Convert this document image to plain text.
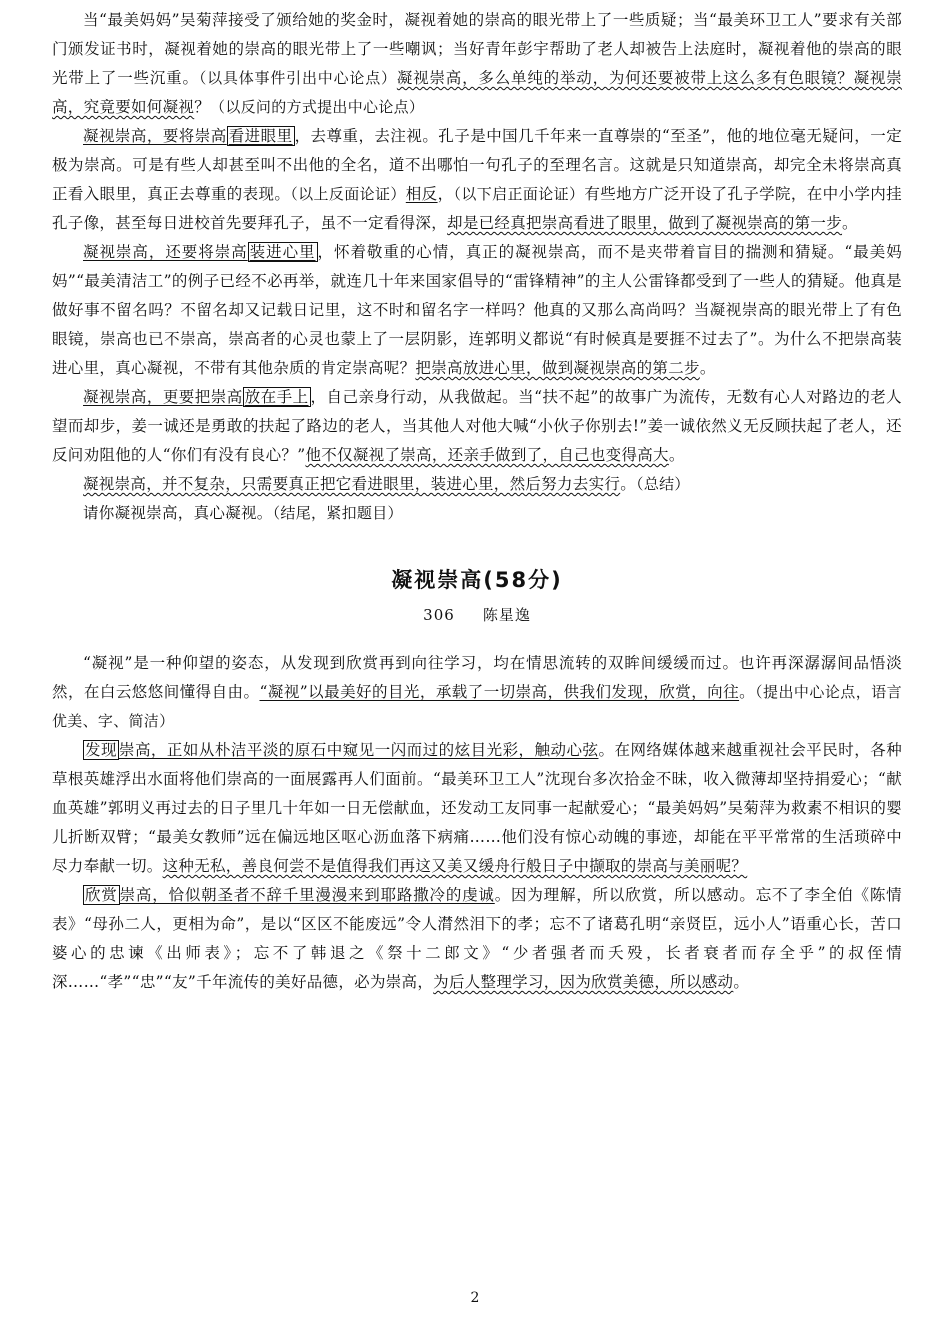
当“最美妈妈”吴菊萍接受了颁给她的奖金时，凝视着她的崇高的眼光带上了一些质疑；当“最美环卫工人”要求有关部门颁发证书时，凝视着她的崇高的眼光带上了一些嘲讽；当好青年彭宇帮助了老人却被告上法庭时，凝视着他的崇高的眼光带上了一些沉重。（以具体事件引出中心论点）凝视崇高，多么单纯的举动，为何还要被带上这么多有色眼镜？凝视崇高，究竟要如何凝视？（以反问的方式提出中心论点）

凝视崇高，要将崇高 看进眼里 ，去尊重，去注视。孔子是中国几千年来一直尊崇的“至圣”，他的地位毫无疑问，一定极为崇高。可是有些人却甚至叫不出他的全名，道不出哪怕一句孔子的至理名言。这就是只知道崇高，却完全未将崇高真正看入眼里，真正去尊重的表现。（以上反面论证）相反，（以下启正面论证）有些地方广泛开设了孔子学院，在中小学内挂孔子像，甚至每日进校首先要拜孔子，虽不一定看得深，却是已经真把崇高看进了眼里，做到了凝视崇高的第一步。

凝视崇高，还要将崇高 装进心里 ，怀着敬重的心情，真正的凝视崇高，而不是夹带着盲目的揣测和猜疑。“最美妈妈”“最美清洁工”的例子已经不必再举，就连几十年来国家倡导的“雷锋精神”的主人公雷锋都受到了一些人的猜疑。他真是做好事不留名吗？不留名却又记载日记里，这不时和留名字一样吗？他真的又那么高尚吗？当凝视崇高的眼光带上了有色眼镜，崇高也已不崇高，崇高者的心灵也蒙上了一层阴影，连郭明义都说“有时候真是要捱不过去了”。为什么不把崇高装进心里，真心凝视，不带有其他杂质的肯定崇高呢？把崇高放进心里，做到凝视崇高的第二步。

凝视崇高，更要把崇高 放在手上 ，自己亲身行动，从我做起。当“扶不起”的故事广为流传，无数有心人对路边的老人望而却步，姜一诚还是勇敢的扶起了路边的老人，当其他人对他大喊“小伙子你别去!”姜一诚依然义无反顾扶起了老人，还反问劝阻他的人“你们有没有良心？”他不仅凝视了崇高，还亲手做到了，自己也变得高大。

凝视崇高，并不复杂，只需要真正把它看进眼里，装进心里，然后努力去实行。（总结）

请你凝视崇高，真心凝视。（结尾，紧扣题目）

凝视崇高(58分)
306 陈星逸

“凝视”是一种仰望的姿态，从发现到欣赏再到向往学习，均在情思流转的双眸间缓缓而过。也许再深潺潺间品悟淡然，在白云悠悠间懂得自由。“凝视”以最美好的目光，承载了一切崇高，供我们发现，欣赏，向往。（提出中心论点，语言优美、字、简洁）

发现 崇高，正如从朴洁平淡的原石中窥见一闪而过的炫目光彩，触动心弦。在网络媒体越来越重视社会平民时，各种草根英雄浮出水面将他们崇高的一面展露再人们面前。“最美环卫工人”沈现台多次拾金不昧，收入微薄却坚持捐爱心；“献血英雄”郭明义再过去的日子里几十年如一日无偿献血，还发动工友同事一起献爱心；“最美妈妈”吴菊萍为救素不相识的婴儿折断双臂；“最美女教师”远在偏远地区呕心沥血落下病痛……他们没有惊心动魄的事迹，却能在平平常常的生活琐碎中尽力奉献一切。这种无私，善良何尝不是值得我们再这又美又缓舟行般日子中撷取的崇高与美丽呢？

欣赏 崇高，恰似朝圣者不辞千里漫漫来到耶路撒冷的虔诚。因为理解，所以欣赏，所以感动。忘不了李全伯《陈情表》“母孙二人，更相为命”，是以“区区不能废远”令人潸然泪下的孝；忘不了诸葛孔明“亲贤臣，远小人”语重心长，苦口婆心的忠谏《出师表》；忘不了韩退之《祭十二郎文》“少者强者而夭殁，长者衰者而存全乎”的叔侄情深……“孝”“忠”“友”千年流传的美好品德，必为崇高，为后人整理学习，因为欣赏美德，所以感动。

2
